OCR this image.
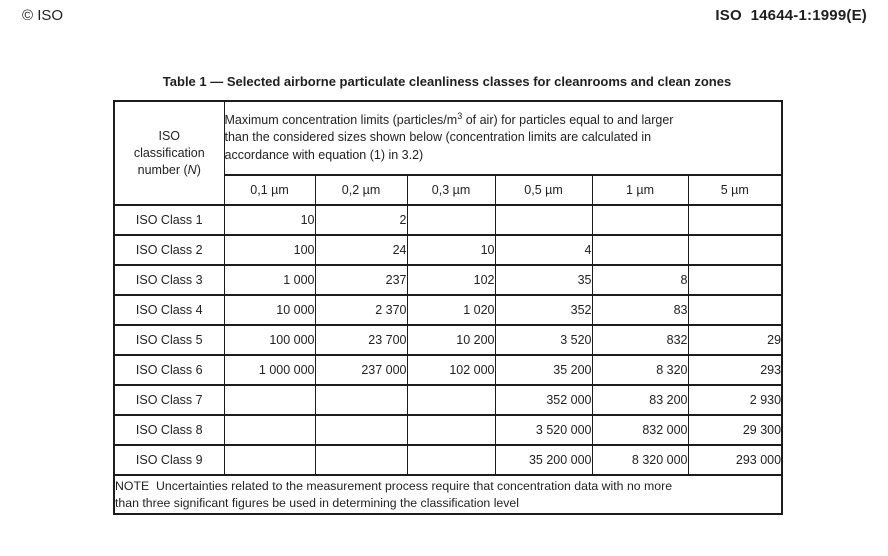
© ISO	ISO  14644-1:1999(E)
Table 1 — Selected airborne particulate cleanliness classes for cleanrooms and clean zones
ISO
classification
number (N)

Maximum concentration limits ($particles/m^3$ of air) for particles equal to and larger
than the considered sizes shown below (concentration limits are calculated in
accordance with equation (1) in 3.2)

	0,1 µm	0,2 µm	0,3 µm	0,5 µm	1 µm	5 µm
ISO Class 1	10	2				
ISO Class 2	100	24	10	4		
ISO Class 3	1 000	237	102	35	8	
ISO Class 4	10 000	2 370	1 020	352	83	
ISO Class 5	100 000	23 700	10 200	3 520	832	29
ISO Class 6	1 000 000	237 000	102 000	35 200	8 320	293
ISO Class 7				352 000	83 200	2 930
ISO Class 8				3 520 000	832 000	29 300
ISO Class 9				35 200 000	8 320 000	293 000

NOTE  Uncertainties related to the measurement process require that concentration data with no more
than three significant figures be used in determining the classification level						
